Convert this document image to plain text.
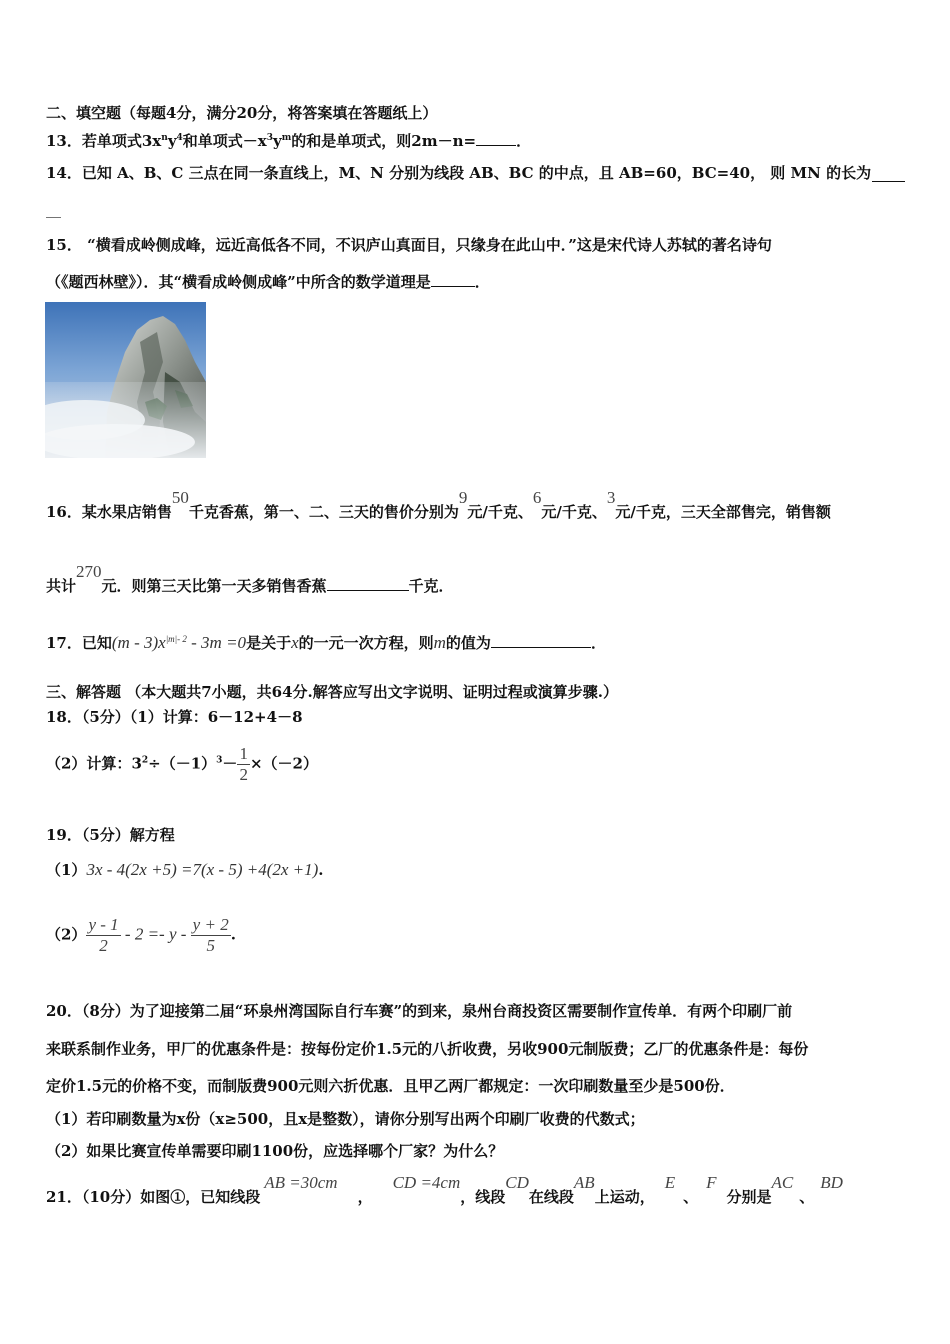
二、填空题（每题4分，满分20分，将答案填在答题纸上）
13．若单项式$3x^ny^4$和单项式$-x^3y^m$的和是单项式，则2m－n=	．
14．已知 A、B、C 三点在同一条直线上，M、N 分别为线段 AB、BC 的中点，且 AB=60，BC=40， 则 MN 的长为
__
15． “横看成岭侧成峰，远近高低各不同，不识庐山真面目，只缘身在此山中．”这是宋代诗人苏轼的著名诗句
（《题西林壁》）．其“横看成岭侧成峰”中所含的数学道理是	．
16．某水果店销售50千克香蕉，第一、二、三天的售价分别为9元/千克、6元/千克、3元/千克，三天全部售完，销售额
共计270元．则第三天比第一天多销售香蕉	千克．
17．已知$(m - 3)x^{|m|- 2} - 3m =0$是关于x的一元一次方程，则m的值为	．
三、解答题 （本大题共7小题，共64分.解答应写出文字说明、证明过程或演算步骤.）
18．（5分）（1）计算：6－12+4－8
（2）计算：$3^2\div(-1)^3- \frac{1}{2} \times(-2)$
19．（5分）解方程
（1）3x - 4(2x +5) =7(x - 5) +4(2x +1).
$(2) \frac{y - 1}{2} - 2 =- y - \frac{y + 2}{5}$ .
20．（8分）为了迎接第二届“环泉州湾国际自行车赛”的到来，泉州台商投资区需要制作宣传单．有两个印刷厂前
来联系制作业务，甲厂的优惠条件是：按每份定价1.5元的八折收费，另收900元制版费；乙厂的优惠条件是：每份
定价1.5元的价格不变，而制版费900元则六折优惠．且甲乙两厂都规定：一次印刷数量至少是500份．
（1）若印刷数量为x份（x≥500，且x是整数），请你分别写出两个印刷厂收费的代数式；
（2）如果比赛宣传单需要印刷1100份，应选择哪个厂家？为什么？
21．（10分）如图①，已知线段AB =30cm，CD =4cm，线段CD在线段AB上运动，E、F分别是AC、BD
